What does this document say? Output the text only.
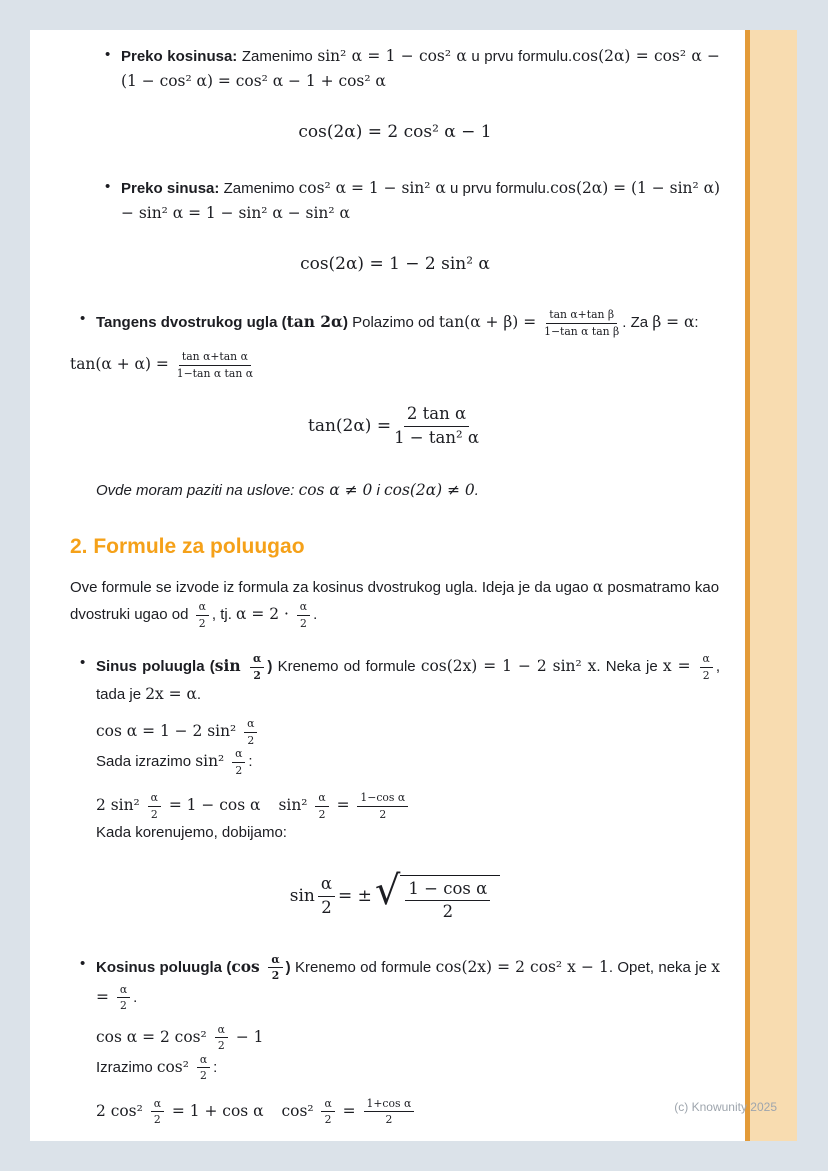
• Preko kosinusa: Zamenimo sin² α = 1 − cos² α u prvu formulu.cos(2α) = cos² α − (1 − cos² α) = cos² α − 1 + cos² α
cos(2α) = 2 cos² α − 1
• Preko sinusa: Zamenimo cos² α = 1 − sin² α u prvu formulu.cos(2α) = (1 − sin² α) − sin² α = 1 − sin² α − sin² α
cos(2α) = 1 − 2 sin² α
• Tangens dvostrukog ugla (tan 2α) Polazimo od $\tan(\alpha + \beta) = \frac{\text{tan α+tan β}}{\text{1−tan α tan β}}$ . Za β = α:
$\tan(\alpha + \alpha) = \frac{\text{tan α+tan α}}{\text{1−tan α tan α}}$
$\tan(2\alpha) = \frac{\text{2 tan α}}{\text{1 − tan² α}}$
Ovde moram paziti na uslove: cos α ≠ 0 i cos(2α) ≠ 0.
2. Formule za poluugao
Ove formule se izvode iz formula za kosinus dvostrukog ugla. Ideja je da ugao α posmatramo kao dvostruki ugao od $\frac{\alpha}{2}$ , tj. $\alpha = 2 \cdot \frac{\alpha}{2}$ .
• Sinus poluugla ($\sin \frac{\alpha}{2}$ ) Krenemo od formule cos(2x) = 1 − 2 sin² x. Neka je $x = \frac{\alpha}{2}$ , tada je 2x = α.
cos α = 1 − 2 $\sin^2 \frac{\alpha}{2}$
Sada izrazimo $\sin^2 \frac{\alpha}{2}$ :
2 $\sin^2 \frac{\alpha}{2} = 1 - \cos \alpha$ $\sin^2 \frac{\alpha}{2} = \frac{\text{1−cos α}}{2}$
Kada korenujemo, dobijamo:
$\sin \frac{\alpha}{2}$ = ± √ $\frac{\text{1 − cos α}}{2}$
• Kosinus poluugla ($\cos \frac{\alpha}{2}$ ) Krenemo od formule cos(2x) = 2 cos² x − 1. Opet, neka je $x = \frac{\alpha}{2}$ .
cos α = 2 $\cos^2 \frac{\alpha}{2} - 1$
Izrazimo $\cos^2 \frac{\alpha}{2}$ :
2 $\cos^2 \frac{\alpha}{2} = 1 + \cos \alpha$ $\cos^2 \frac{\alpha}{2} = \frac{\text{1+cos α}}{2}$	(c) Knowunity 2025
